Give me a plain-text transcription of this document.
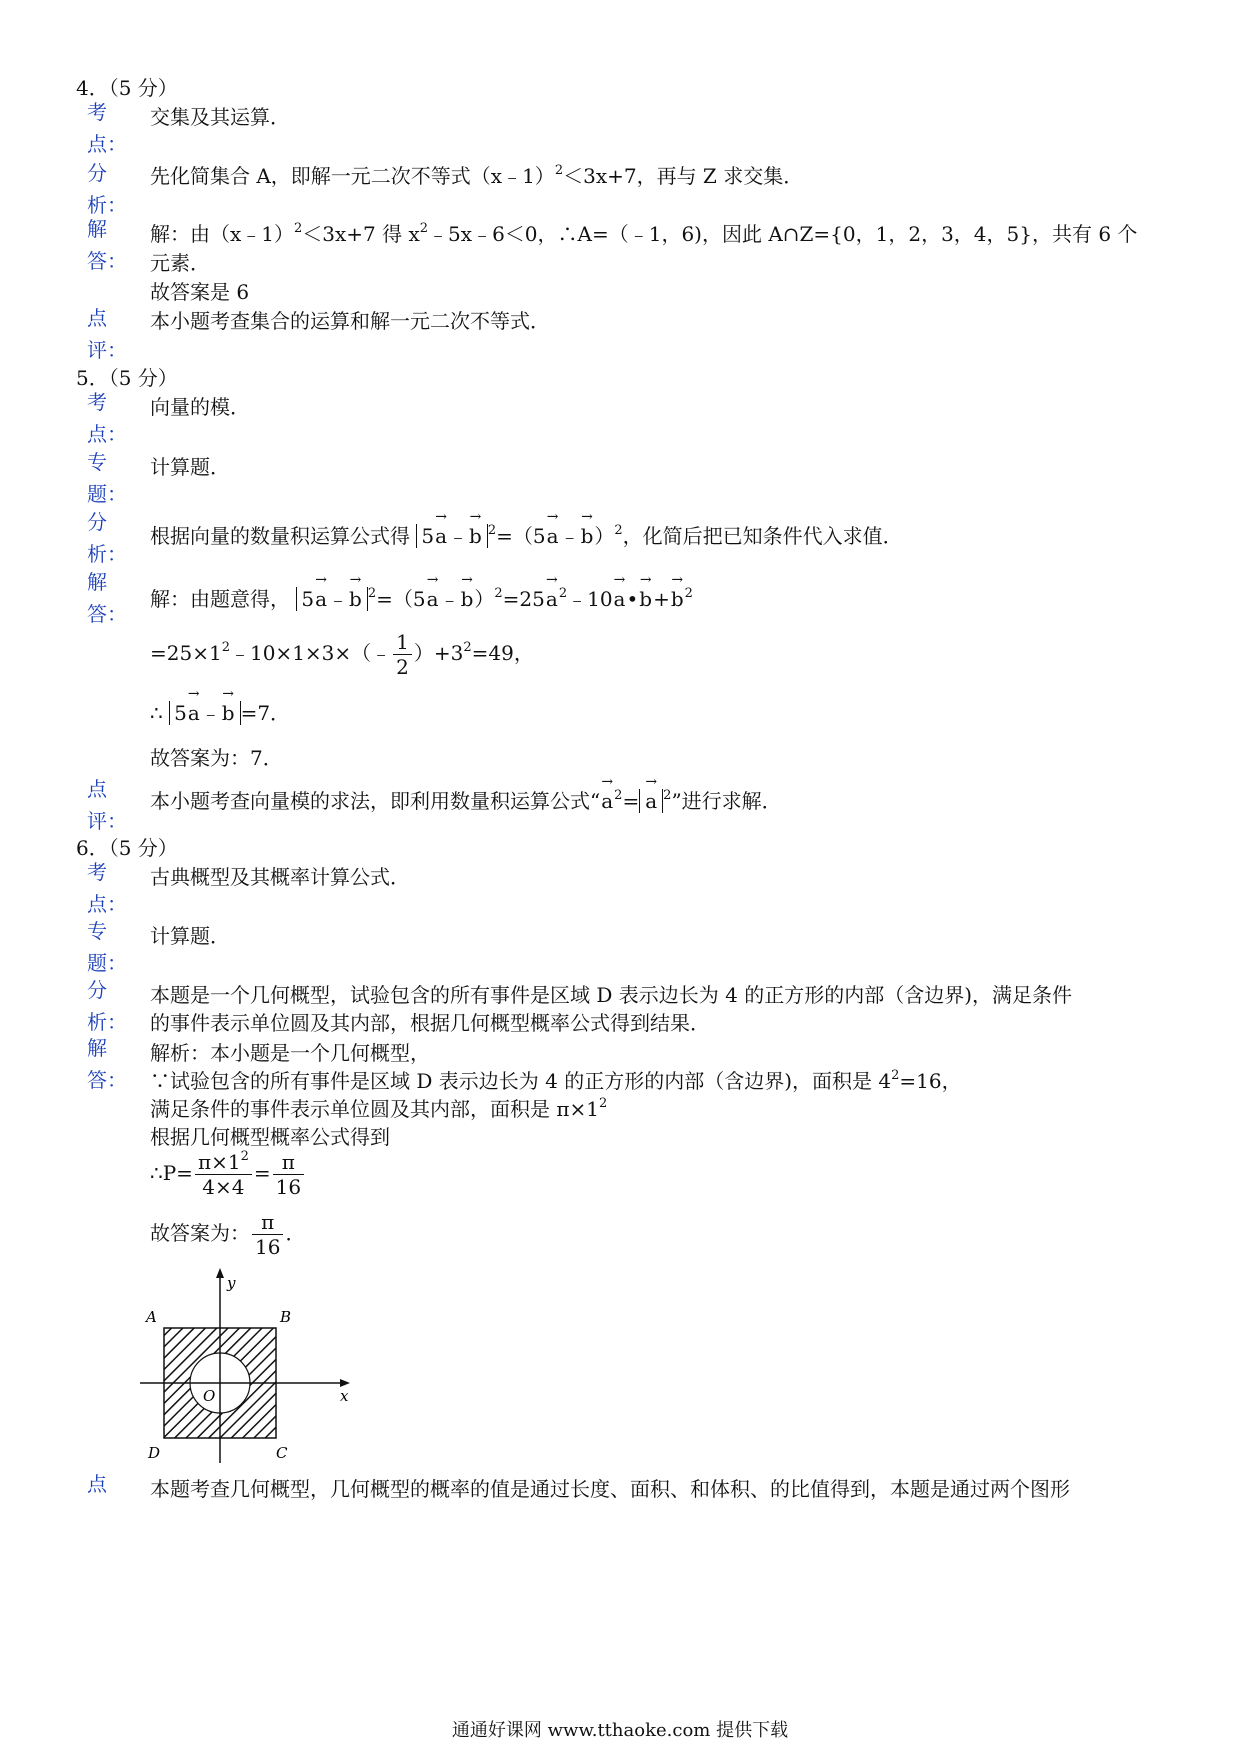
4．（5 分）
考
点：
交集及其运算．
分
析：
先化简集合 A，即解一元二次不等式（x﹣1）$^2$＜3x+7，再与 Z 求交集．
解
答：
解：由（x﹣1）$^2$＜3x+7 得 $x^2﹣5x﹣6<0$，∴A=（﹣1，6)，因此 A∩Z={0，1，2，3，4，5}，共有 6 个
元素．
故答案是 6
点
评：
本小题考查集合的运算和解一元二次不等式．
5．（5 分）
考
点：
向量的模．
专
题：
计算题．
分
析：
根据向量的数量积运算公式得 5→ a﹣→ b $^2$=（5→ a﹣→ b）$^2$，化简后把已知条件代入求值．
解
答：
解：由题意得， 5→ a﹣→ b $^2$=（5→ a﹣→ $b)^2=25\to a^2﹣10\to$ a•→ $b+\to b^2$
$=25\times 1^2﹣10\times 1\times 3\times(﹣ \frac{1}{2} )+3^2=49$，
∴ 5→ a﹣→ b =7．
故答案为：7．
点
评：
本小题考查向量模的求法，即利用数量积运算公式“→ $a^2=\to a$ $^2$”进行求解．
6．（5 分）
考
点：
古典概型及其概率计算公式．
专
题：
计算题．
分
析：
本题是一个几何概型，试验包含的所有事件是区域 D 表示边长为 4 的正方形的内部（含边界)，满足条件
的事件表示单位圆及其内部，根据几何概型概率公式得到结果．
解
答：
解析：本小题是一个几何概型，
∵试验包含的所有事件是区域 D 表示边长为 4 的正方形的内部（含边界)，面积是 $4^2=16$，
满足条件的事件表示单位圆及其内部，面积是 $\pi\times 1^2$
根据几何概型概率公式得到
∴P= $\frac{\pi\times 1^2}{4\times 4} = \frac{\pi}{16}$
故答案为： $\frac{\pi}{16}$ ．
A	B
C
D
O	x
y
点	本题考查几何概型，几何概型的概率的值是通过长度、面积、和体积、的比值得到，本题是通过两个图形
通通好课网 www.tthaoke.com 提供下载
